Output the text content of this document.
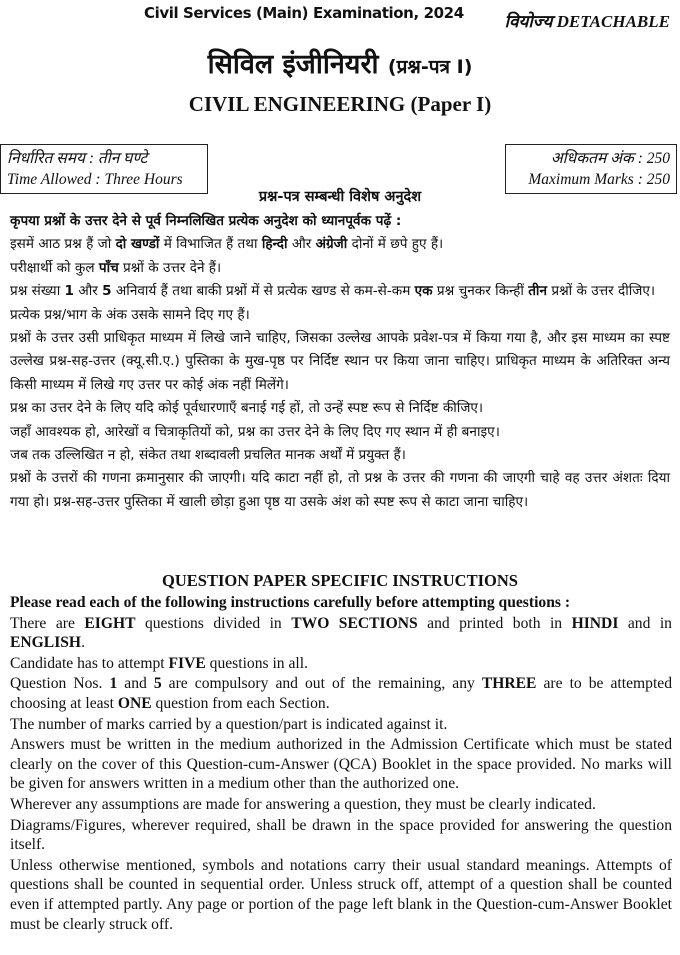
Civil Services (Main) Examination, 2024 वियोज्य DETACHABLE
सिविल इंजीनियरी (प्रश्न-पत्र I)
CIVIL ENGINEERING (Paper I)
निर्धारित समय : तीन घण्टे
Time Allowed : Three Hours
अधिकतम अंक : 250
Maximum Marks : 250
प्रश्न-पत्र सम्बन्धी विशेष अनुदेश

कृपया प्रश्नों के उत्तर देने से पूर्व निम्नलिखित प्रत्येक अनुदेश को ध्यानपूर्वक पढ़ें :

इसमें आठ प्रश्न हैं जो दो खण्डों में विभाजित हैं तथा हिन्दी और अंग्रेजी दोनों में छपे हुए हैं।

परीक्षार्थी को कुल पाँच प्रश्नों के उत्तर देने हैं।

प्रश्न संख्या 1 और 5 अनिवार्य हैं तथा बाकी प्रश्नों में से प्रत्येक खण्ड से कम-से-कम एक प्रश्न चुनकर किन्हीं तीन प्रश्नों के उत्तर दीजिए।

प्रत्येक प्रश्न/भाग के अंक उसके सामने दिए गए हैं।

प्रश्नों के उत्तर उसी प्राधिकृत माध्यम में लिखे जाने चाहिए, जिसका उल्लेख आपके प्रवेश-पत्र में किया गया है, और इस माध्यम का स्पष्ट उल्लेख प्रश्न-सह-उत्तर (क्यू.सी.ए.) पुस्तिका के मुख-पृष्ठ पर निर्दिष्ट स्थान पर किया जाना चाहिए। प्राधिकृत माध्यम के अतिरिक्त अन्य किसी माध्यम में लिखे गए उत्तर पर कोई अंक नहीं मिलेंगे।

प्रश्न का उत्तर देने के लिए यदि कोई पूर्वधारणाएँ बनाई गई हों, तो उन्हें स्पष्ट रूप से निर्दिष्ट कीजिए।

जहाँ आवश्यक हो, आरेखों व चित्राकृतियों को, प्रश्न का उत्तर देने के लिए दिए गए स्थान में ही बनाइए।

जब तक उल्लिखित न हो, संकेत तथा शब्दावली प्रचलित मानक अर्थों में प्रयुक्त हैं।

प्रश्नों के उत्तरों की गणना क्रमानुसार की जाएगी। यदि काटा नहीं हो, तो प्रश्न के उत्तर की गणना की जाएगी चाहे वह उत्तर अंशतः दिया गया हो। प्रश्न-सह-उत्तर पुस्तिका में खाली छोड़ा हुआ पृष्ठ या उसके अंश को स्पष्ट रूप से काटा जाना चाहिए।

QUESTION PAPER SPECIFIC INSTRUCTIONS

Please read each of the following instructions carefully before attempting questions :

There are EIGHT questions divided in TWO SECTIONS and printed both in HINDI and in ENGLISH.

Candidate has to attempt FIVE questions in all.

Question Nos. 1 and 5 are compulsory and out of the remaining, any THREE are to be attempted choosing at least ONE question from each Section.

The number of marks carried by a question/part is indicated against it.

Answers must be written in the medium authorized in the Admission Certificate which must be stated clearly on the cover of this Question-cum-Answer (QCA) Booklet in the space provided. No marks will be given for answers written in a medium other than the authorized one.

Wherever any assumptions are made for answering a question, they must be clearly indicated.

Diagrams/Figures, wherever required, shall be drawn in the space provided for answering the question itself.

Unless otherwise mentioned, symbols and notations carry their usual standard meanings. Attempts of questions shall be counted in sequential order. Unless struck off, attempt of a question shall be counted even if attempted partly. Any page or portion of the page left blank in the Question-cum-Answer Booklet must be clearly struck off.
